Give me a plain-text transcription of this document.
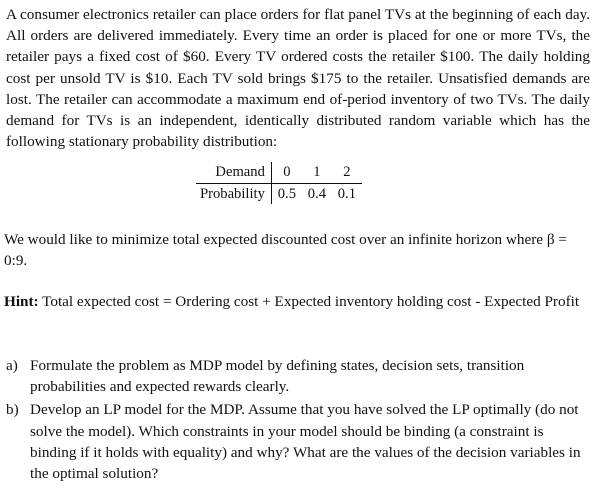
A consumer electronics retailer can place orders for flat panel TVs at the beginning of each day. All orders are delivered immediately. Every time an order is placed for one or more TVs, the retailer pays a fixed cost of $60. Every TV ordered costs the retailer $100. The daily holding cost per unsold TV is $10. Each TV sold brings $175 to the retailer. Unsatisfied demands are lost. The retailer can accommodate a maximum end of-period inventory of two TVs. The daily demand for TVs is an independent, identically distributed random variable which has the following stationary probability distribution:

Demand	0	1	2
Probability	0.5	0.4	0.1

We would like to minimize total expected discounted cost over an infinite horizon where β = 0:9.

Hint: Total expected cost = Ordering cost + Expected inventory holding cost - Expected Profit

a) Formulate the problem as MDP model by defining states, decision sets, transition probabilities and expected rewards clearly.
b) Develop an LP model for the MDP. Assume that you have solved the LP optimally (do not solve the model). Which constraints in your model should be binding (a constraint is binding if it holds with equality) and why? What are the values of the decision variables in the optimal solution?
